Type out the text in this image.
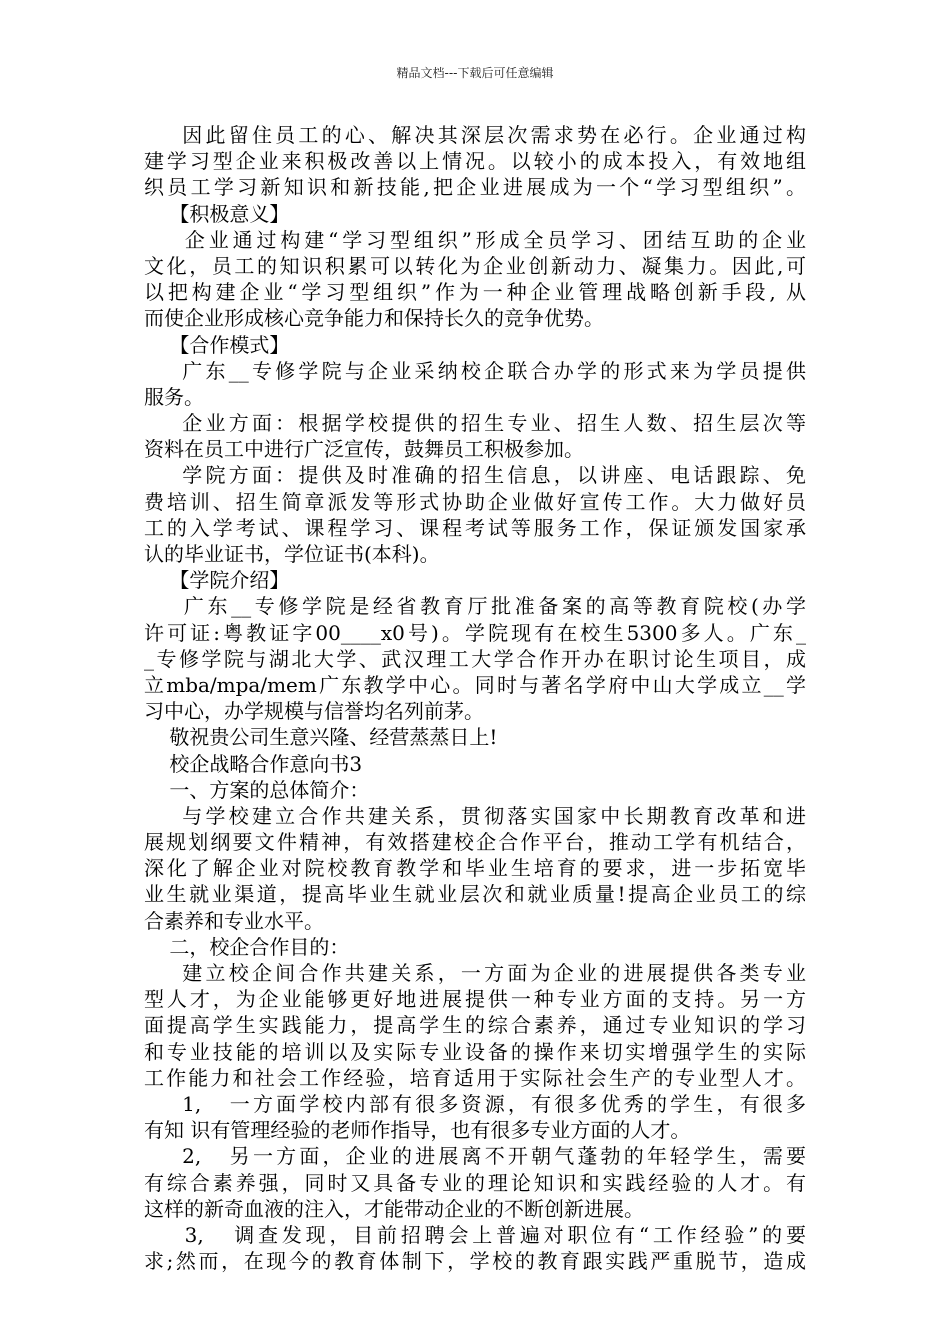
精品文档---下载后可任意编辑
因此留住员工的心、解决其深层次需求势在必行。企业通过构
建学习型企业来积极改善以上情况。以较小的成本投入，有效地组
织员工学习新知识和新技能,把企业进展成为一个“学习型组织”。
【积极意义】
企业通过构建“学习型组织”形成全员学习、团结互助的企业
文化，员工的知识积累可以转化为企业创新动力、凝集力。因此,可
以把构建企业“学习型组织”作为一种企业管理战略创新手段, 从
而使企业形成核心竞争能力和保持长久的竞争优势。
【合作模式】
广东__专修学院与企业采纳校企联合办学的形式来为学员提供
服务。
企业方面：根据学校提供的招生专业、招生人数、招生层次等
资料在员工中进行广泛宣传，鼓舞员工积极参加。
学院方面：提供及时准确的招生信息，以讲座、电话跟踪、免
费培训、招生简章派发等形式协助企业做好宣传工作。大力做好员
工的入学考试、课程学习、课程考试等服务工作，保证颁发国家承
认的毕业证书，学位证书(本科)。
【学院介绍】
广东__专修学院是经省教育厅批准备案的高等教育院校(办学
许可证:粤教证字00____x0号)。学院现有在校生5300多人。广东_
_专修学院与湖北大学、武汉理工大学合作开办在职讨论生项目，成
立mba/mpa/mem广东教学中心。同时与著名学府中山大学成立__学
习中心，办学规模与信誉均名列前茅。
敬祝贵公司生意兴隆、经营蒸蒸日上!
校企战略合作意向书3
一、方案的总体简介：
与学校建立合作共建关系，贯彻落实国家中长期教育改革和进
展规划纲要文件精神，有效搭建校企合作平台，推动工学有机结合，
深化了解企业对院校教育教学和毕业生培育的要求，进一步拓宽毕
业生就业渠道，提高毕业生就业层次和就业质量!提高企业员工的综
合素养和专业水平。
二，校企合作目的：
建立校企间合作共建关系，一方面为企业的进展提供各类专业
型人才，为企业能够更好地进展提供一种专业方面的支持。另一方
面提高学生实践能力，提高学生的综合素养，通过专业知识的学习
和专业技能的培训以及实际专业设备的操作来切实增强学生的实际
工作能力和社会工作经验，培育适用于实际社会生产的专业型人才。
1,   一方面学校内部有很多资源，有很多优秀的学生，有很多
有知 识有管理经验的老师作指导，也有很多专业方面的人才。
2,   另一方面，企业的进展离不开朝气蓬勃的年轻学生，需要
有综合素养强，同时又具备专业的理论知识和实践经验的人才。有
这样的新奇血液的注入，才能带动企业的不断创新进展。
3,   调查发现，目前招聘会上普遍对职位有“工作经验”的要
求;然而，在现今的教育体制下，学校的教育跟实践严重脱节，造成
